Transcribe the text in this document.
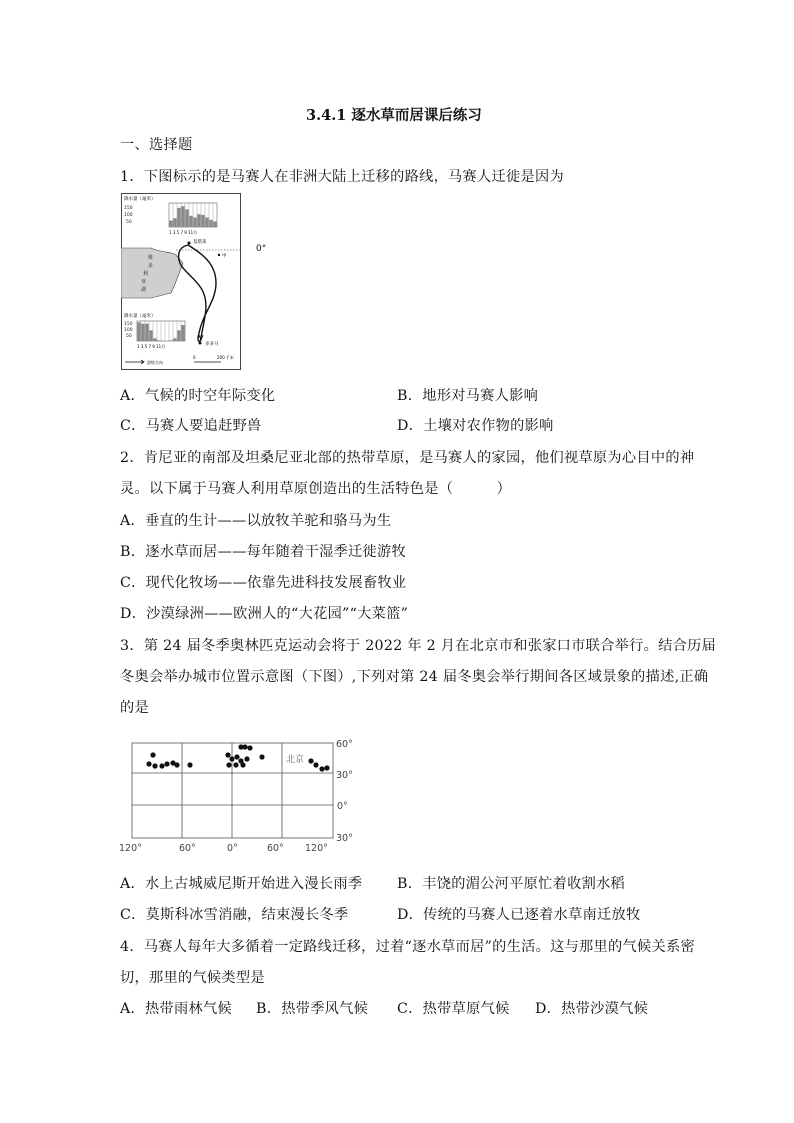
3.4.1 逐水草而居课后练习
一、选择题
1．下图标示的是马赛人在非洲大陆上迁移的路线，马赛人迁徙是因为
维
多
利
亚
湖
降水量（毫米）
150
100
50
1 3 5 7 9 11月
基塔莱
甲
降水量（毫米）
150
100
50
1 3 5 7 9 11月	多多马
游牧方向
0	200 千米
0°
A．气候的时空年际变化	B．地形对马赛人影响
C．马赛人要追赶野兽	D．土壤对农作物的影响
2．肯尼亚的南部及坦桑尼亚北部的热带草原，是马赛人的家园，他们视草原为心目中的神
灵。以下属于马赛人利用草原创造出的生活特色是（　　　）
A．垂直的生计——以放牧羊驼和骆马为生
B．逐水草而居——每年随着干湿季迁徙游牧
C．现代化牧场——依靠先进科技发展畜牧业
D．沙漠绿洲——欧洲人的“大花园”“大菜篮”
3．第 24 届冬季奥林匹克运动会将于 2022 年 2 月在北京市和张家口市联合举行。结合历届
冬奥会举办城市位置示意图（下图）,下列对第 24 届冬奥会举行期间各区域景象的描述,正确
的是
北京
60°
30°
0°
30°
120°	60°	0°	60° 120°
A．水上古城威尼斯开始进入漫长雨季 B．丰饶的湄公河平原忙着收割水稻
C．莫斯科冰雪消融，结束漫长冬季	D．传统的马赛人已逐着水草南迁放牧
4．马赛人每年大多循着一定路线迁移，过着“逐水草而居”的生活。这与那里的气候关系密
切，那里的气候类型是
A．热带雨林气候 B．热带季风气候 C．热带草原气候 D．热带沙漠气候
